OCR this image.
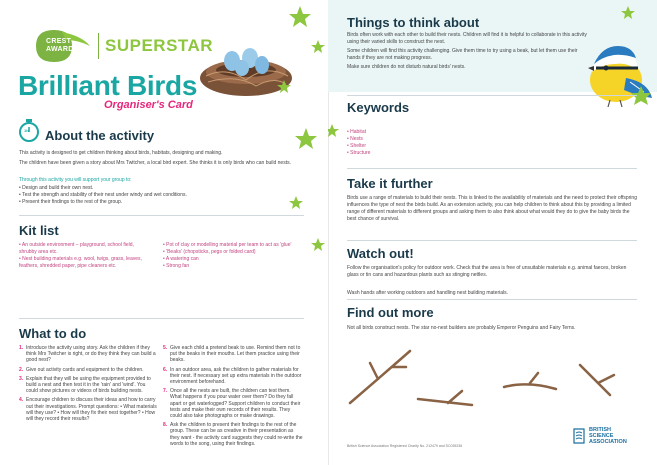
CREST
AWARDS SUPERSTAR
Brilliant Birds
Organiser's Card
1h About the activity
This activity is designed to get children thinking about birds, habitats, designing and making.
The children have been given a story about Mrs Twitcher, a local bird expert. She thinks it is only birds who can build nests.
Through this activity you will support your group to:
• Design and build their own nest.
• Test the strength and stability of their nest under windy and wet conditions.
• Present their findings to the rest of the group.
Kit list
• An outside environment – playground, school field, shrubby area etc.
• Nest building materials e.g. wool, twigs, grass, leaves, feathers, shredded paper, pipe cleaners etc.
• Pot of clay or modelling material per team to act as 'glue'
• 'Beaks' (chopsticks, pegs or folded card)
• A watering can
• Strong fan
What to do
1. Introduce the activity using story. Ask the children if they think Mrs Twitcher is right, or do they think they can build a good nest?
2. Give out activity cards and equipment to the children.
3. Explain that they will be using the equipment provided to build a nest and then test it in the 'rain' and 'wind'. You could show pictures or videos of birds building nests.
4. Encourage children to discuss their ideas and how to carry out their investigations. Prompt questions: • What materials will they use? • How will they fix their nest together? • How will they record their results?
5. Give each child a pretend beak to use. Remind them not to put the beaks in their mouths. Let them practice using their beaks.
6. In an outdoor area, ask the children to gather materials for their nest. If necessary set up extra materials in the outdoor environment beforehand.
7. Once all the nests are built, the children can test them. What happens if you pour water over them? Do they fall apart or get waterlogged? Support children to conduct their tests and make their own records of their results. They could also take photographs or make drawings.
8. Ask the children to present their findings to the rest of the group. These can be as creative in their presentation as they want - the activity card suggests they could re-write the words to the song, using their findings.
Things to think about
Birds often work with each other to build their nests. Children will find it is helpful to collaborate in this activity using their varied skills to construct the nest.
Some children will find this activity challenging. Give them time to try using a beak, but let them use their hands if they are not making progress.
Make sure children do not disturb natural birds' nests.
Keywords
• Habitat
• Nests
• Shelter
• Structure
Take it further
Birds use a range of materials to build their nests. This is linked to the availability of materials and the need to protect their offspring influences the type of nest the birds build. As an extension activity, you can help children to think about this by providing a limited range of different materials to different groups and asking them to also think about what would they do to give the baby birds the best chance of survival.
Watch out!
Follow the organisation's policy for outdoor work. Check that the area is free of unsuitable materials e.g. animal faeces, broken glass or tin cans and hazardous plants such as stinging nettles.
Wash hands after working outdoors and handling nest building materials.
Find out more
Not all birds construct nests. The star no-nest builders are probably Emperor Penguins and Fairy Terns.
British Science Association Registered Charity No. 212479 and SC039236
BRITISH
SCIENCE
ASSOCIATION
